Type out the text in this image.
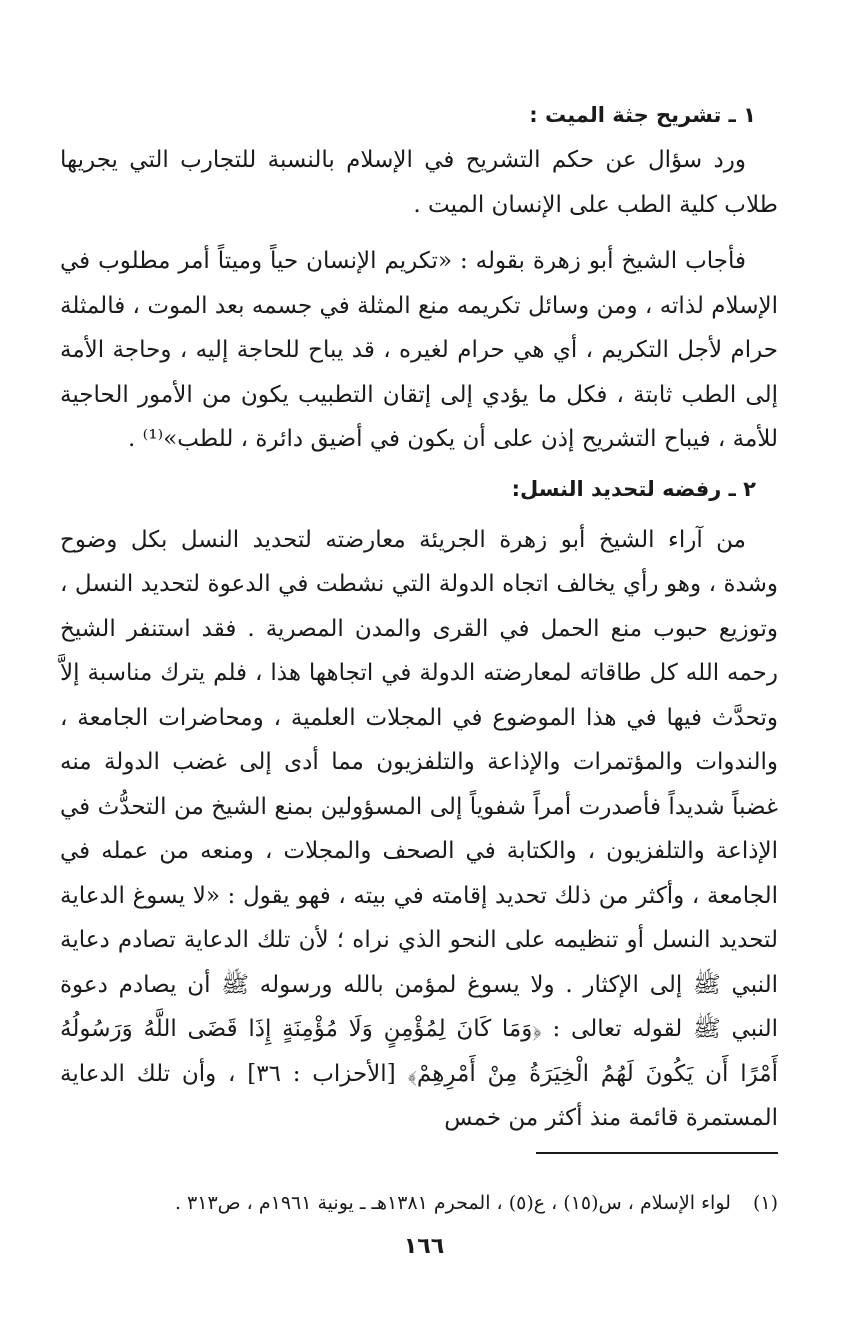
١ ـ تشريح جثة الميت :

ورد سؤال عن حكم التشريح في الإسلام بالنسبة للتجارب التي يجريها طلاب كلية الطب على الإنسان الميت .

فأجاب الشيخ أبو زهرة بقوله : «تكريم الإنسان حياً وميتاً أمر مطلوب في الإسلام لذاته ، ومن وسائل تكريمه منع المثلة في جسمه بعد الموت ، فالمثلة حرام لأجل التكريم ، أي هي حرام لغيره ، قد يباح للحاجة إليه ، وحاجة الأمة إلى الطب ثابتة ، فكل ما يؤدي إلى إتقان التطبيب يكون من الأمور الحاجية للأمة ، فيباح التشريح إذن على أن يكون في أضيق دائرة ، للطب»⁽¹⁾ .

٢ ـ رفضه لتحديد النسل:

من آراء الشيخ أبو زهرة الجريئة معارضته لتحديد النسل بكل وضوح وشدة ، وهو رأي يخالف اتجاه الدولة التي نشطت في الدعوة لتحديد النسل ، وتوزيع حبوب منع الحمل في القرى والمدن المصرية . فقد استنفر الشيخ رحمه الله كل طاقاته لمعارضته الدولة في اتجاهها هذا ، فلم يترك مناسبة إلاَّ وتحدَّث فيها في هذا الموضوع في المجلات العلمية ، ومحاضرات الجامعة ، والندوات والمؤتمرات والإذاعة والتلفزيون مما أدى إلى غضب الدولة منه غضباً شديداً فأصدرت أمراً شفوياً إلى المسؤولين بمنع الشيخ من التحدُّث في الإذاعة والتلفزيون ، والكتابة في الصحف والمجلات ، ومنعه من عمله في الجامعة ، وأكثر من ذلك تحديد إقامته في بيته ، فهو يقول : «لا يسوغ الدعاية لتحديد النسل أو تنظيمه على النحو الذي نراه ؛ لأن تلك الدعاية تصادم دعاية النبي ﷺ إلى الإكثار . ولا يسوغ لمؤمن بالله ورسوله ﷺ أن يصادم دعوة النبي ﷺ لقوله تعالى : ﴿وَمَا كَانَ لِمُؤْمِنٍ وَلَا مُؤْمِنَةٍ إِذَا قَضَى اللَّهُ وَرَسُولُهُ أَمْرًا أَن يَكُونَ لَهُمُ الْخِيَرَةُ مِنْ أَمْرِهِمْ﴾ [الأحزاب : ٣٦] ، وأن تلك الدعاية المستمرة قائمة منذ أكثر من خمس

(١)لواء الإسلام ، س(١٥) ، ع(٥) ، المحرم ١٣٨١هـ ـ يونية ١٩٦١م ، ص٣١٣ .
١٦٦
